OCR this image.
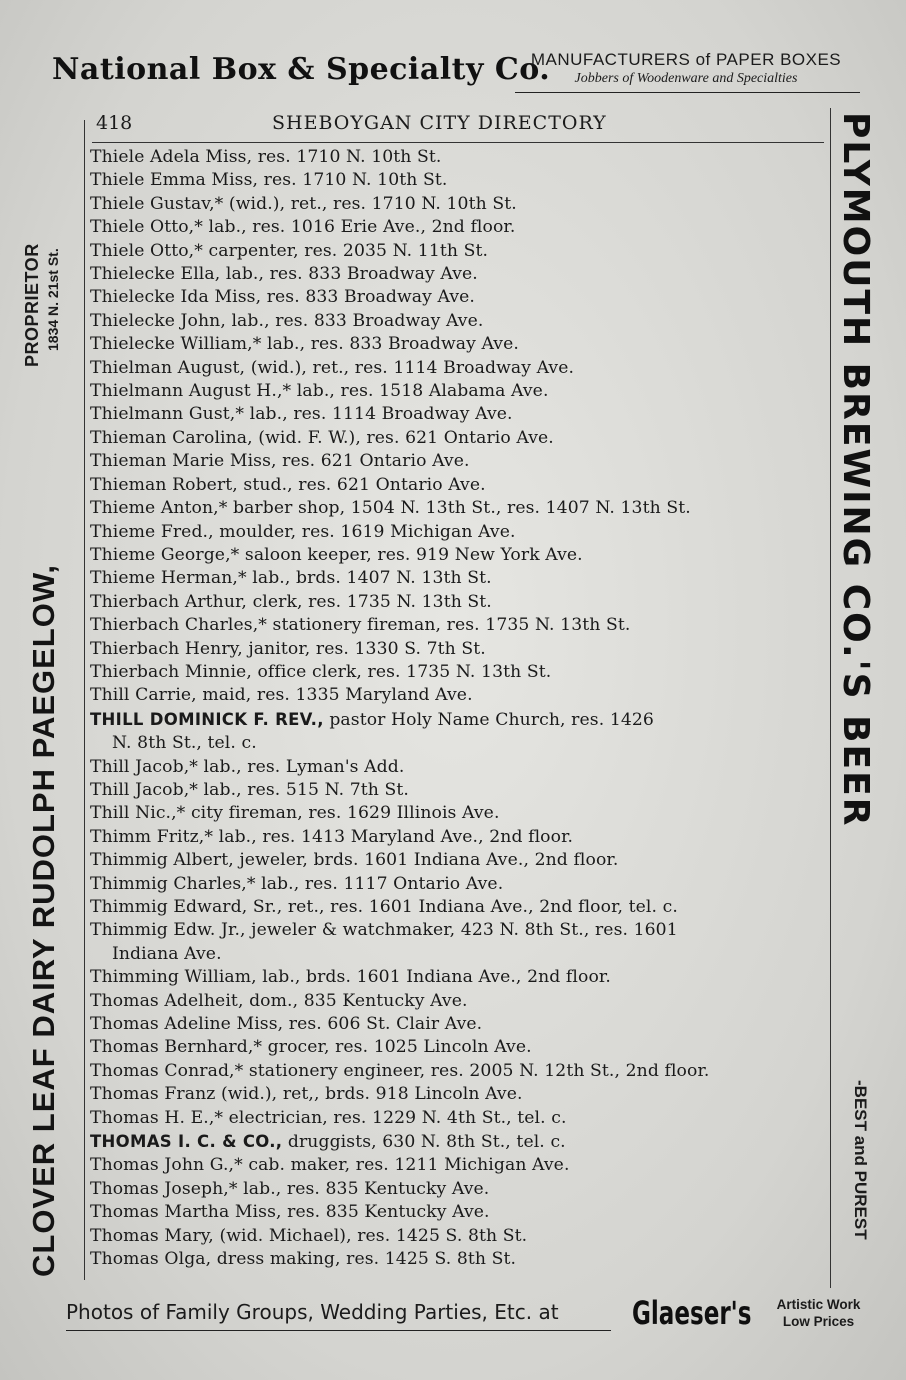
National Box & Specialty Co.
MANUFACTURERS of PAPER BOXES
Jobbers of Woodenware and Specialties
CLOVER LEAF DAIRY RUDOLPH PAEGELOW,
PROPRIETOR 1834 N. 21st St.	PLYMOUTH BREWING CO.'S BEER
-BEST and PUREST
418	SHEBOYGAN CITY DIRECTORY
Thiele Adela Miss, res. 1710 N. 10th St.
Thiele Emma Miss, res. 1710 N. 10th St.
Thiele Gustav,* (wid.), ret., res. 1710 N. 10th St.
Thiele Otto,* lab., res. 1016 Erie Ave., 2nd floor.
Thiele Otto,* carpenter, res. 2035 N. 11th St.
Thielecke Ella, lab., res. 833 Broadway Ave.
Thielecke Ida Miss, res. 833 Broadway Ave.
Thielecke John, lab., res. 833 Broadway Ave.
Thielecke William,* lab., res. 833 Broadway Ave.
Thielman August, (wid.), ret., res. 1114 Broadway Ave.
Thielmann August H.,* lab., res. 1518 Alabama Ave.
Thielmann Gust,* lab., res. 1114 Broadway Ave.
Thieman Carolina, (wid. F. W.), res. 621 Ontario Ave.
Thieman Marie Miss, res. 621 Ontario Ave.
Thieman Robert, stud., res. 621 Ontario Ave.
Thieme Anton,* barber shop, 1504 N. 13th St., res. 1407 N. 13th St.
Thieme Fred., moulder, res. 1619 Michigan Ave.
Thieme George,* saloon keeper, res. 919 New York Ave.
Thieme Herman,* lab., brds. 1407 N. 13th St.
Thierbach Arthur, clerk, res. 1735 N. 13th St.
Thierbach Charles,* stationery fireman, res. 1735 N. 13th St.
Thierbach Henry, janitor, res. 1330 S. 7th St.
Thierbach Minnie, office clerk, res. 1735 N. 13th St.
Thill Carrie, maid, res. 1335 Maryland Ave.
THILL DOMINICK F. REV., pastor Holy Name Church, res. 1426
N. 8th St., tel. c.
Thill Jacob,* lab., res. Lyman's Add.
Thill Jacob,* lab., res. 515 N. 7th St.
Thill Nic.,* city fireman, res. 1629 Illinois Ave.
Thimm Fritz,* lab., res. 1413 Maryland Ave., 2nd floor.
Thimmig Albert, jeweler, brds. 1601 Indiana Ave., 2nd floor.
Thimmig Charles,* lab., res. 1117 Ontario Ave.
Thimmig Edward, Sr., ret., res. 1601 Indiana Ave., 2nd floor, tel. c.
Thimmig Edw. Jr., jeweler & watchmaker, 423 N. 8th St., res. 1601
Indiana Ave.
Thimming William, lab., brds. 1601 Indiana Ave., 2nd floor.
Thomas Adelheit, dom., 835 Kentucky Ave.
Thomas Adeline Miss, res. 606 St. Clair Ave.
Thomas Bernhard,* grocer, res. 1025 Lincoln Ave.
Thomas Conrad,* stationery engineer, res. 2005 N. 12th St., 2nd floor.
Thomas Franz (wid.), ret,, brds. 918 Lincoln Ave.
Thomas H. E.,* electrician, res. 1229 N. 4th St., tel. c.
THOMAS I. C. & CO., druggists, 630 N. 8th St., tel. c.
Thomas John G.,* cab. maker, res. 1211 Michigan Ave.
Thomas Joseph,* lab., res. 835 Kentucky Ave.
Thomas Martha Miss, res. 835 Kentucky Ave.
Thomas Mary, (wid. Michael), res. 1425 S. 8th St.
Thomas Olga, dress making, res. 1425 S. 8th St.
Photos of Family Groups, Wedding Parties, Etc. at Glaeser's	Artistic Work
Low Prices
